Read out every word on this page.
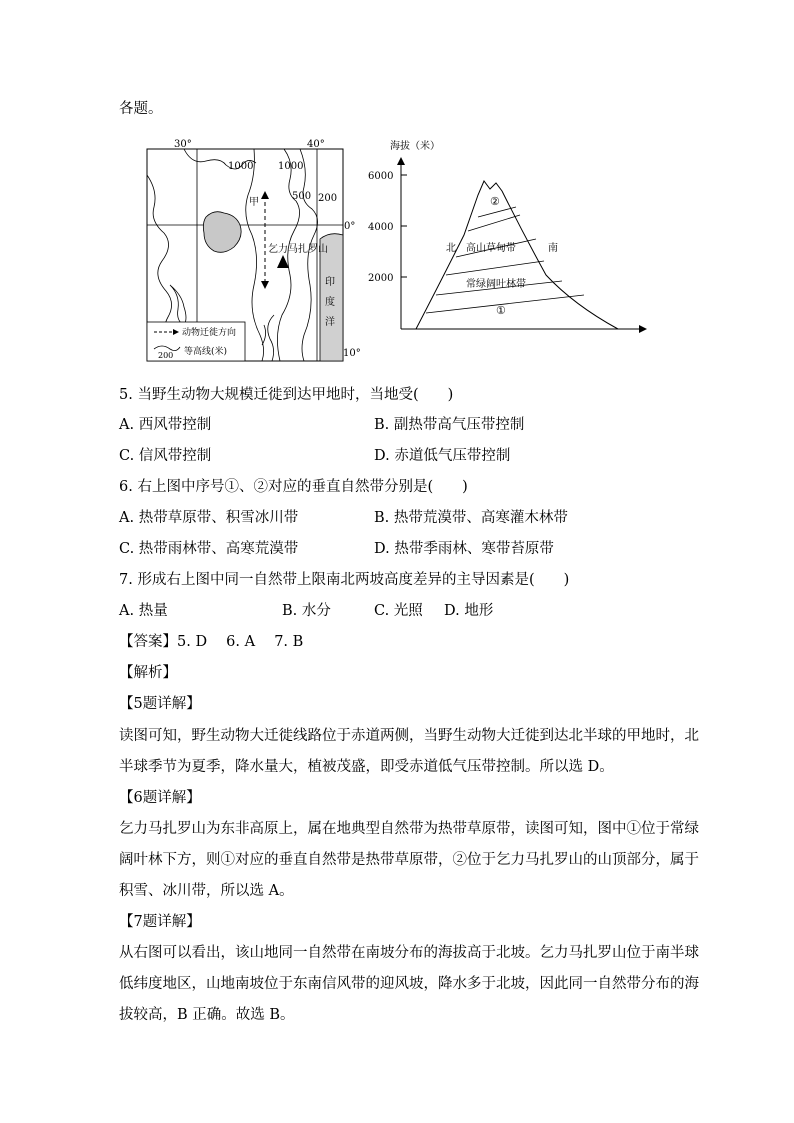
各题。
30°	40°
0°
10°
1000 1000
500 200
甲
乞力马扎罗山
印
度
洋
动物迁徙方向
200 等高线(米)
海拔（米）
6000
4000
2000
②
北 高山草甸带	南
常绿阔叶林带
①
5. 当野生动物大规模迁徙到达甲地时，当地受(　　)
A. 西风带控制	B. 副热带高气压带控制
C. 信风带控制	D. 赤道低气压带控制
6. 右上图中序号①、②对应的垂直自然带分别是(　　)
A. 热带草原带、积雪冰川带	B. 热带荒漠带、高寒灌木林带
C. 热带雨林带、高寒荒漠带	D. 热带季雨林、寒带苔原带
7. 形成右上图中同一自然带上限南北两坡高度差异的主导因素是(　　)
A. 热量	B. 水分	C. 光照 D. 地形
【答案】5. D　 6. A　 7. B
【解析】
【5题详解】
读图可知，野生动物大迁徙线路位于赤道两侧，当野生动物大迁徙到达北半球的甲地时，北
半球季节为夏季，降水量大，植被茂盛，即受赤道低气压带控制。所以选 D。
【6题详解】
乞力马扎罗山为东非高原上，属在地典型自然带为热带草原带，读图可知，图中①位于常绿
阔叶林下方，则①对应的垂直自然带是热带草原带，②位于乞力马扎罗山的山顶部分，属于
积雪、冰川带，所以选 A。
【7题详解】
从右图可以看出，该山地同一自然带在南坡分布的海拔高于北坡。乞力马扎罗山位于南半球
低纬度地区，山地南坡位于东南信风带的迎风坡，降水多于北坡，因此同一自然带分布的海
拔较高，B 正确。故选 B。
